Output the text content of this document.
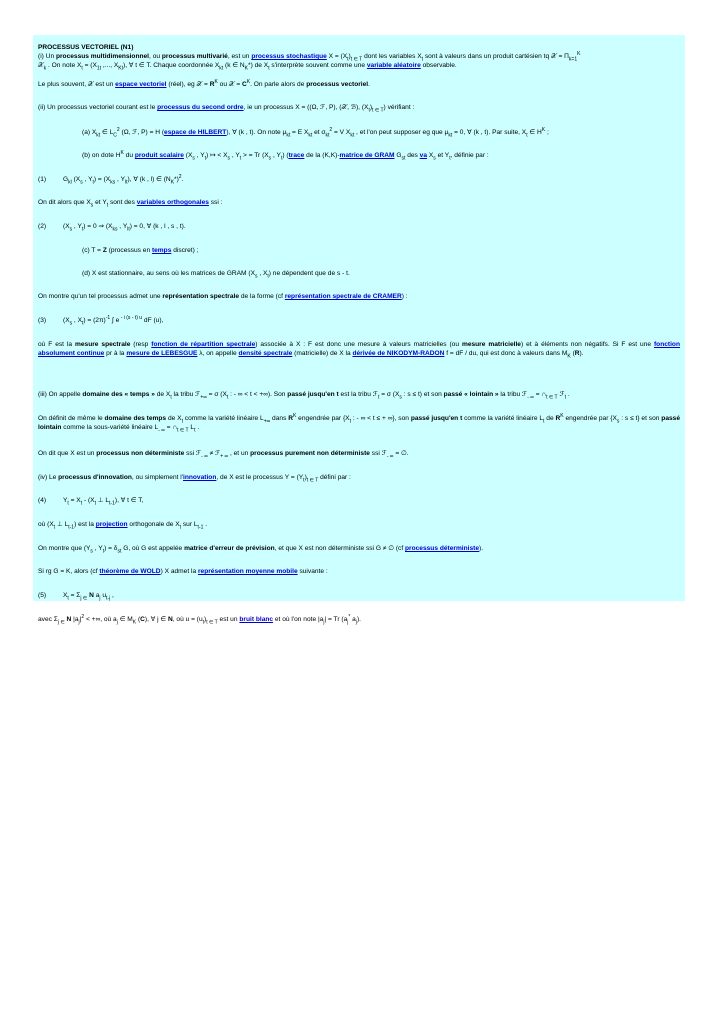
PROCESSUS VECTORIEL (N1)

(i) Un processus multidimensionnel, ou processus multivarié, est un processus stochastique $X = (X_t)_{t \in T}$ dont les variables $X_t$ sont à valeurs dans un produit cartésien tq 𝒳 = $\Pi_{k=1}^K$
𝒳$_k$ . On note $X_t = (X_{1t}$ ,..., $X_{Kt}$), ∀ t ∈ T. Chaque coordonnée $X_{kt}$ (k ∈ $N_K*$) de $X_t$ s'interprète souvent comme une variable aléatoire observable.
Le plus souvent, 𝒳 est un espace vectoriel (réel), eg 𝒳 = $R^K$ ou 𝒳 = $C^K$. On parle alors de processus vectoriel.
(ii) Un processus vectoriel courant est le processus du second ordre, ie un processus X = ((Ω, ℱ, P), (𝒳, ℬ), $(X_t)_{t \in T}$) vérifiant :
(a) $X_{kt}$ ∈ $L_C^2$ (Ω, ℱ, P) = H (espace de HILBERT), ∀ (k , t). On note $\mu_{kt} = E$ $X_{kt}$ et $\sigma_{kt}^2 = V$ $X_{kt}$ , et l'on peut supposer eg que $\mu_{kt} = 0$, ∀ (k , t). Par suite, $X_t$ ∈ $H^K$ ;
(b) on dote $H^K$ du produit scalaire ($X_s$ , $Y_t$) ↦ < $X_s$ , $Y_t$ > = Tr ($X_s$ , $Y_t$) (trace de la (K,K)-matrice de GRAM $G_{st}$ des va $X_s$ et $Y_t$, définie par :
(1)	$G_{kl}$ ($X_s$ , $Y_t) = (X_{ks}$ , $Y_{lt}$), ∀ (k , l) ∈ $(N_K*)^2$.
On dit alors que $X_s$ et $Y_t$ sont des variables orthogonales ssi :
(2)	($X_s$ , $Y_t) = 0$ ⇒ ($X_{ks}$ , $Y_{lt}) = 0$, ∀ (k , l , s , t).
(c) T = Z (processus en temps discret) ;
(d) X est stationnaire, au sens où les matrices de GRAM ($X_s$ , $X_t$) ne dépendent que de s - t.
On montre qu'un tel processus admet une représentation spectrale de la forme (cf représentation spectrale de CRAMER) :
(3)	($X_s$ , $X_t) = (2\pi)^{-1}$ ∫ e $^{- i (s - t) u}$ dF (u),
où F est la mesure spectrale (resp fonction de répartition spectrale) associée à X : F est donc une mesure à valeurs matricielles (ou mesure matricielle) et à éléments non négatifs. Si F est une fonction absolument continue pr à la mesure de LEBESGUE λ, on appelle densité spectrale (matricielle) de X la dérivée de NIKODYM-RADON f = dF / du, qui est donc à valeurs dans $M_K$ (R).
(iii) On appelle domaine des « temps » de $X_t$ la tribu ℱ$_{+\infty}$ = σ ($X_t$ : - ∞ < t < +∞). Son passé jusqu'en t est la tribu ℱ$_t$ = σ ($X_s$ : s ≤ t) et son passé « lointain » la tribu ℱ$_{- \infty}$ = $\cap_{t \in T}$ ℱ$_t$ .
On définit de même le domaine des temps de $X_t$ comme la variété linéaire $L_{+\infty}$ dans $R^K$ engendrée par {$X_t$ : - ∞ < t ≤ + ∞}, son passé jusqu'en t comme la variété linéaire $L_t$ de $R^K$ engendrée par {$X_s$ : s ≤ t} et son passé lointain comme la sous-variété linéaire $L_{- \infty}$ = $\cap_{t \in T}$ $L_t$ .
On dit que X est un processus non déterministe ssi ℱ$_{- \infty}$ ≠ ℱ$_{+ \infty}$ , et un processus purement non déterministe ssi ℱ$_{- \infty}$ = ∅.
(iv) Le processus d'innovation, ou simplement l'innovation, de X est le processus $Y = (Y_t)_{t \in T}$ défini par :
(4)	$Y_t = X_t - (X_t$ ⊥ $L_{t-1}$), ∀ t ∈ T,
où ($X_t$ ⊥ $L_{t-1}$) est la projection orthogonale de $X_t$ sur $L_{t-1}$ .
On montre que ($Y_s$ , $Y_t) = \delta_{st}$ G, où G est appelée matrice d'erreur de prévision, et que X est non déterministe ssi G ≠ ∅ (cf processus déterministe).
Si rg G = K, alors (cf théorème de WOLD) X admet la représentation moyenne mobile suivante :
(5)	$X_t = \Sigma_{j \in}$ N $a_j$ $u_{t-j}$ ,
avec $\Sigma_{j \in}$ N $|a_j|^2$ < +∞, où $a_j$ ∈ $M_K$ (C), ∀ j ∈ N, où $u = (u_t)_{t \in T}$ est un bruit blanc et où l'on note $|a_j| = Tr$ ($a_j^*$ $a_j$).
